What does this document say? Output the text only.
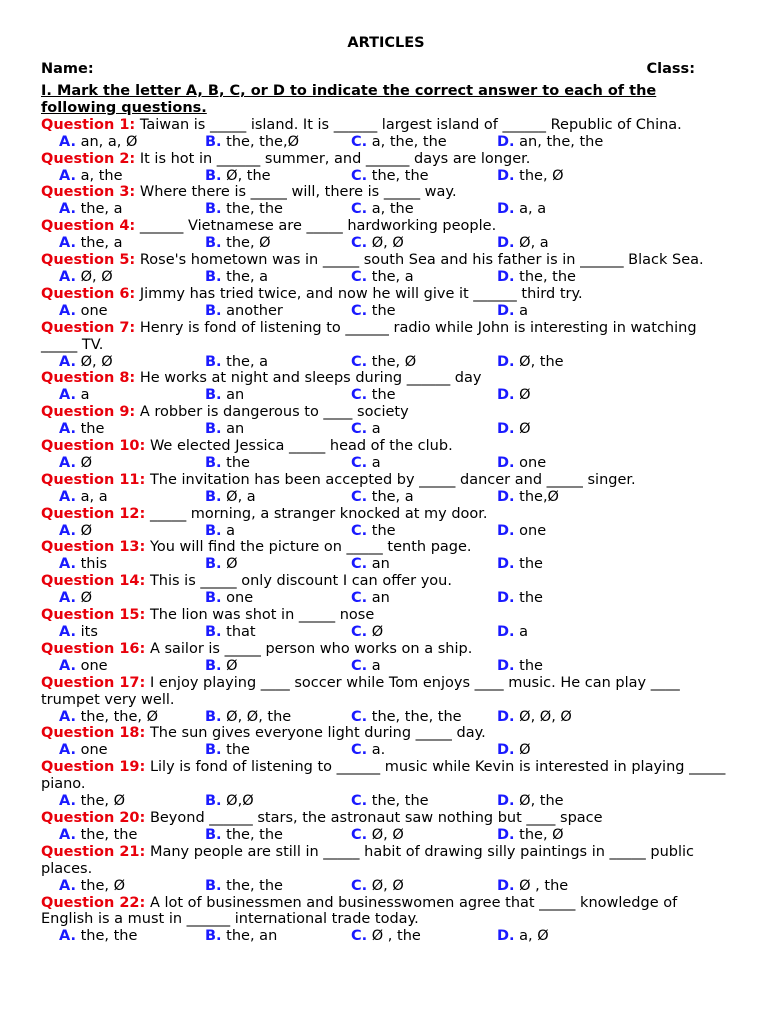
ARTICLES
Name:	Class:
I. Mark the letter A, B, C, or D to indicate the correct answer to each of the following questions.
Question 1: Taiwan is _____ island. It is ______ largest island of ______ Republic of China.
A. an, a, Ø	B. the, the,Ø	C. a, the, the	D. an, the, the
Question 2: It is hot in ______ summer, and ______ days are longer.
A. a, the	B. Ø, the	C. the, the	D. the, Ø
Question 3: Where there is _____ will, there is _____ way.
A. the, a	B. the, the	C. a, the	D. a, a
Question 4: ______ Vietnamese are _____ hardworking people.
A. the, a	B. the, Ø	C. Ø, Ø	D. Ø, a
Question 5: Rose's hometown was in _____ south Sea and his father is in ______ Black Sea.
A. Ø, Ø	B. the, a	C. the, a	D. the, the
Question 6: Jimmy has tried twice, and now he will give it ______ third try.
A. one	B. another	C. the	D. a
Question 7: Henry is fond of listening to ______ radio while John is interesting in watching _____ TV.
A. Ø, Ø	B. the, a	C. the, Ø	D. Ø, the
Question 8: He works at night and sleeps during ______ day
A. a	B. an	C. the	D. Ø
Question 9: A robber is dangerous to ____ society
A. the	B. an	C. a	D. Ø
Question 10: We elected Jessica _____ head of the club.
A. Ø	B. the	C. a	D. one
Question 11: The invitation has been accepted by _____ dancer and _____ singer.
A. a, a	B. Ø, a	C. the, a	D. the,Ø
Question 12: _____ morning, a stranger knocked at my door.
A. Ø	B. a	C. the	D. one
Question 13: You will find the picture on _____ tenth page.
A. this	B. Ø	C. an	D. the
Question 14: This is _____ only discount I can offer you.
A. Ø	B. one	C. an	D. the
Question 15: The lion was shot in _____ nose
A. its	B. that	C. Ø	D. a
Question 16: A sailor is _____ person who works on a ship.
A. one	B. Ø	C. a	D. the
Question 17: I enjoy playing ____ soccer while Tom enjoys ____ music. He can play ____ trumpet very well.
A. the, the, Ø	B. Ø, Ø, the	C. the, the, the	D. Ø, Ø, Ø
Question 18: The sun gives everyone light during _____ day.
A. one	B. the	C. a.	D. Ø
Question 19: Lily is fond of listening to ______ music while Kevin is interested in playing _____ piano.
A. the, Ø	B. Ø,Ø	C. the, the	D. Ø, the
Question 20: Beyond ______ stars, the astronaut saw nothing but ____ space
A. the, the	B. the, the	C. Ø, Ø	D. the, Ø
Question 21: Many people are still in _____ habit of drawing silly paintings in _____ public places.
A. the, Ø	B. the, the	C. Ø, Ø	D. Ø , the
Question 22: A lot of businessmen and businesswomen agree that _____ knowledge of English is a must in ______ international trade today.
A. the, the	B. the, an	C. Ø , the	D. a, Ø
